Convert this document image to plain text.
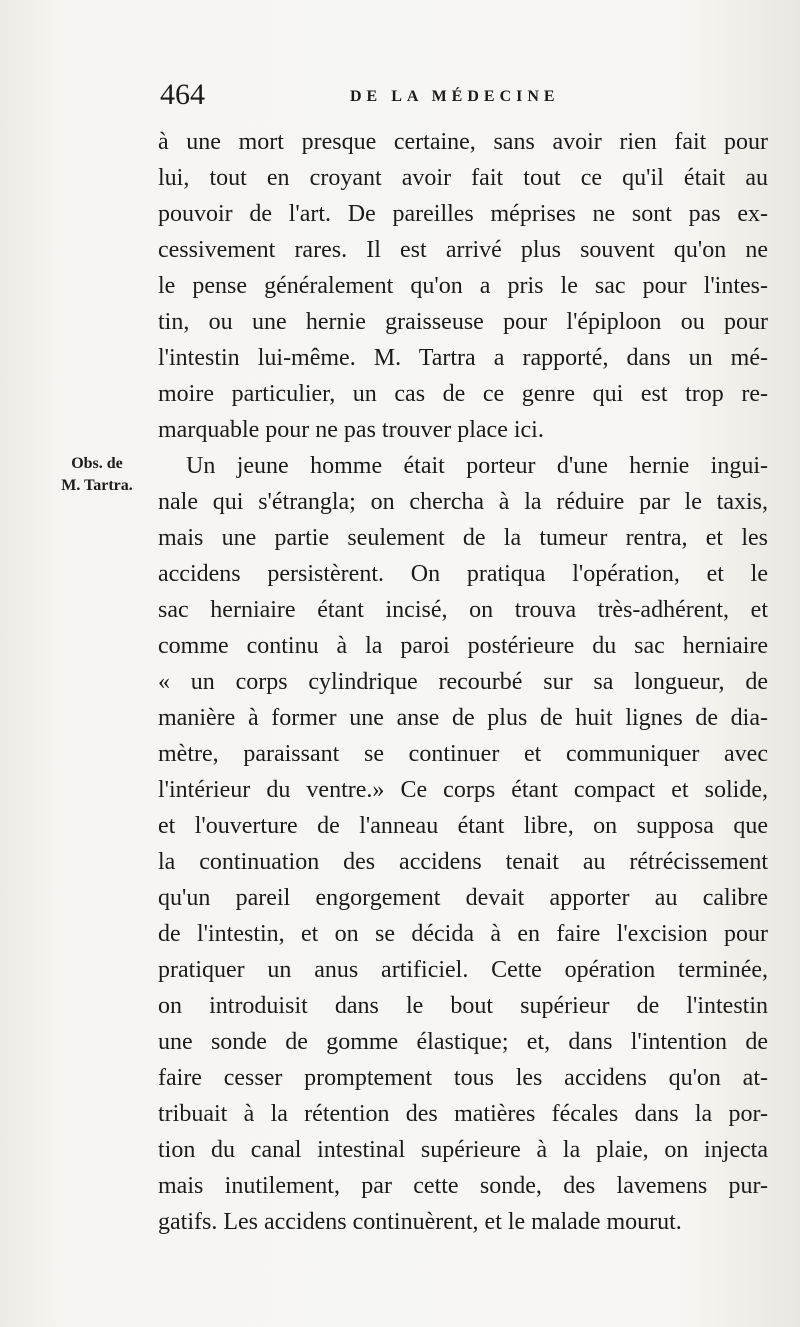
464	DE LA MÉDECINE
Obs. de
M. Tartra.
à une mort presque certaine, sans avoir rien fait pour
lui, tout en croyant avoir fait tout ce qu'il était au
pouvoir de l'art. De pareilles méprises ne sont pas ex-
cessivement rares. Il est arrivé plus souvent qu'on ne
le pense généralement qu'on a pris le sac pour l'intes-
tin, ou une hernie graisseuse pour l'épiploon ou pour
l'intestin lui-même. M. Tartra a rapporté, dans un mé-
moire particulier, un cas de ce genre qui est trop re-
marquable pour ne pas trouver place ici.
Un jeune homme était porteur d'une hernie ingui-
nale qui s'étrangla; on chercha à la réduire par le taxis,
mais une partie seulement de la tumeur rentra, et les
accidens persistèrent. On pratiqua l'opération, et le
sac herniaire étant incisé, on trouva très-adhérent, et
comme continu à la paroi postérieure du sac herniaire
« un corps cylindrique recourbé sur sa longueur, de
manière à former une anse de plus de huit lignes de dia-
mètre, paraissant se continuer et communiquer avec
l'intérieur du ventre.» Ce corps étant compact et solide,
et l'ouverture de l'anneau étant libre, on supposa que
la continuation des accidens tenait au rétrécissement
qu'un pareil engorgement devait apporter au calibre
de l'intestin, et on se décida à en faire l'excision pour
pratiquer un anus artificiel. Cette opération terminée,
on introduisit dans le bout supérieur de l'intestin
une sonde de gomme élastique; et, dans l'intention de
faire cesser promptement tous les accidens qu'on at-
tribuait à la rétention des matières fécales dans la por-
tion du canal intestinal supérieure à la plaie, on injecta
mais inutilement, par cette sonde, des lavemens pur-
gatifs. Les accidens continuèrent, et le malade mourut.
